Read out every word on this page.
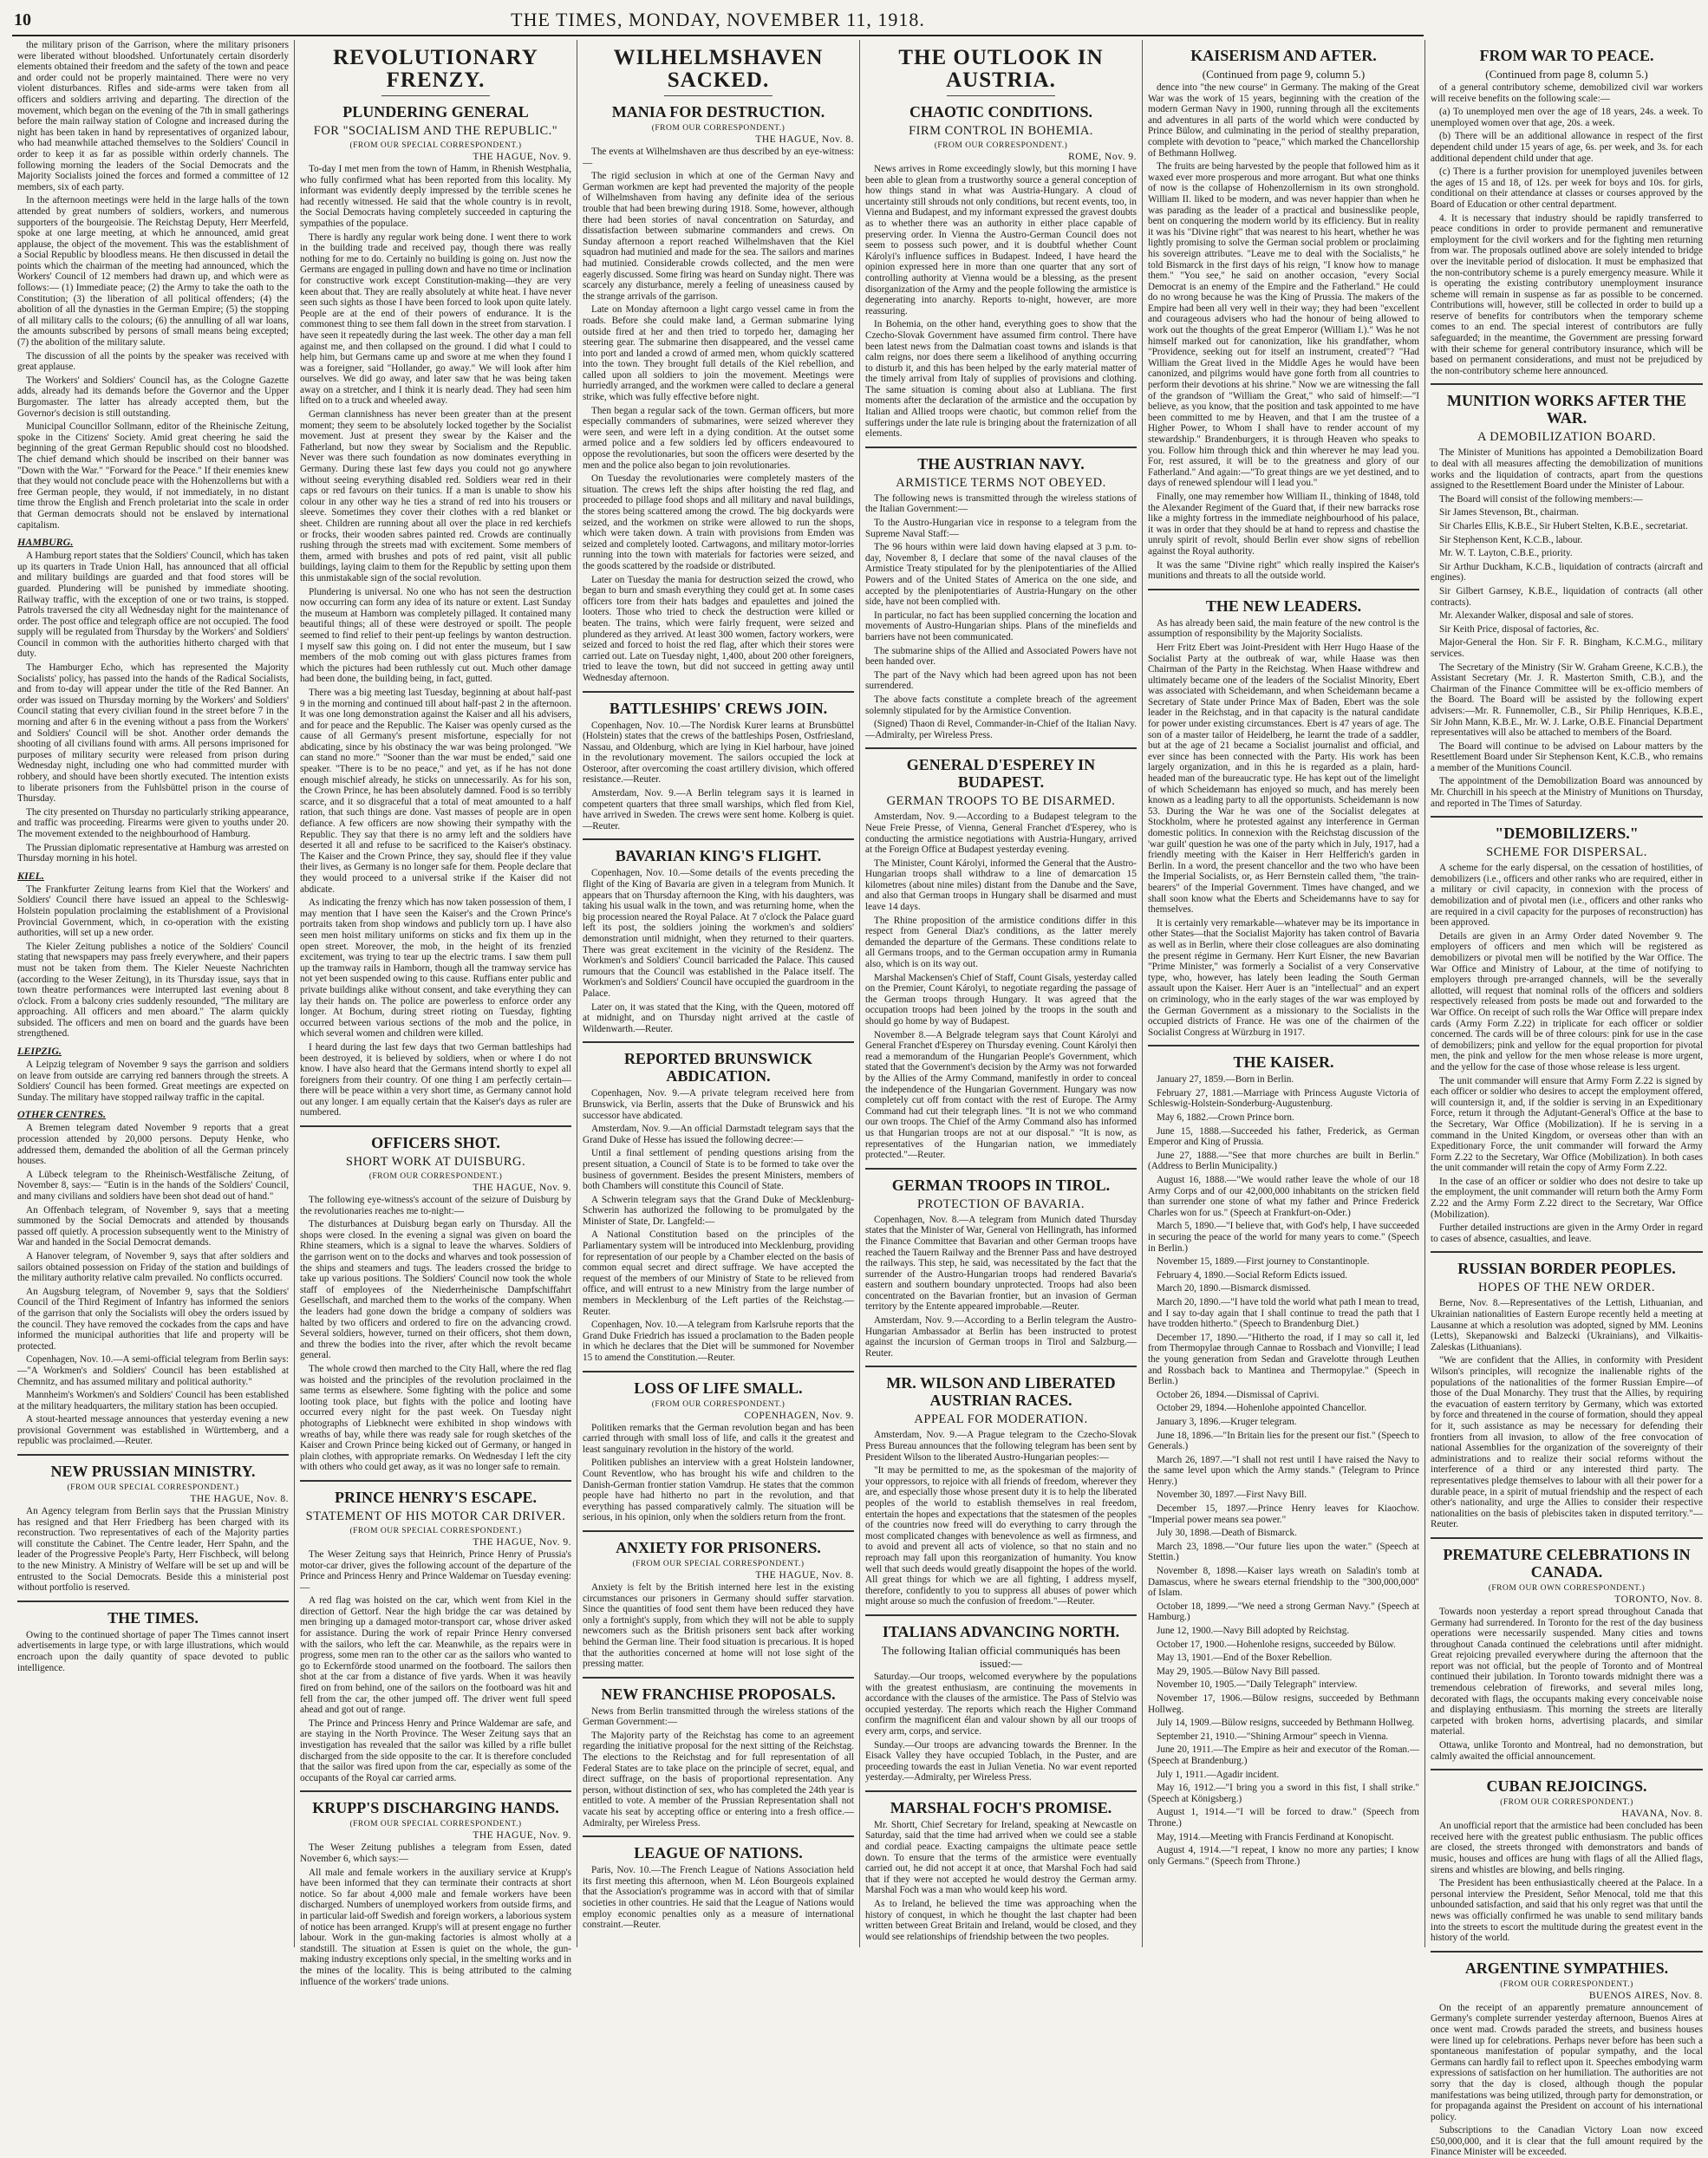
10	THE TIMES, MONDAY, NOVEMBER 11, 1918.

the military prison of the Garrison, where the military prisoners were liberated without bloodshed. Unfortunately certain disorderly elements obtained their freedom and the safety of the town and peace and order could not be properly maintained. There were no very violent disturbances. Rifles and side-arms were taken from all officers and soldiers arriving and departing. The direction of the movement, which began on the evening of the 7th in small gatherings before the main railway station of Cologne and increased during the night has been taken in hand by representatives of organized labour, who had meanwhile attached themselves to the Soldiers' Council in order to keep it as far as possible within orderly channels. The following morning the leaders of the Social Democrats and the Majority Socialists joined the forces and formed a committee of 12 members, six of each party.

In the afternoon meetings were held in the large halls of the town attended by great numbers of soldiers, workers, and numerous supporters of the bourgeoisie. The Reichstag Deputy, Herr Meerfeld, spoke at one large meeting, at which he announced, amid great applause, the object of the movement. This was the establishment of a Social Republic by bloodless means. He then discussed in detail the points which the chairman of the meeting had announced, which the Workers' Council of 12 members had drawn up, and which were as follows:— (1) Immediate peace; (2) the Army to take the oath to the Constitution; (3) the liberation of all political offenders; (4) the abolition of all the dynasties in the German Empire; (5) the stopping of all military calls to the colours; (6) the annulling of all war loans, the amounts subscribed by persons of small means being excepted; (7) the abolition of the military salute.

The discussion of all the points by the speaker was received with great applause.

The Workers' and Soldiers' Council has, as the Cologne Gazette adds, already had its demands before the Governor and the Upper Burgomaster. The latter has already accepted them, but the Governor's decision is still outstanding.

Municipal Councillor Sollmann, editor of the Rheinische Zeitung, spoke in the Citizens' Society. Amid great cheering he said the beginning of the great German Republic should cost no bloodshed. The chief demand which should be inscribed on their banner was "Down with the War." "Forward for the Peace." If their enemies knew that they would not conclude peace with the Hohenzollerns but with a free German people, they would, if not immediately, in no distant time throw the English and French proletariat into the scale in order that German democrats should not be enslaved by international capitalism.

HAMBURG.

A Hamburg report states that the Soldiers' Council, which has taken up its quarters in Trade Union Hall, has announced that all official and military buildings are guarded and that food stores will be guarded. Plundering will be punished by immediate shooting. Railway traffic, with the exception of one or two trains, is stopped. Patrols traversed the city all Wednesday night for the maintenance of order. The post office and telegraph office are not occupied. The food supply will be regulated from Thursday by the Workers' and Soldiers' Council in common with the authorities hitherto charged with that duty.

The Hamburger Echo, which has represented the Majority Socialists' policy, has passed into the hands of the Radical Socialists, and from to-day will appear under the title of the Red Banner. An order was issued on Thursday morning by the Workers' and Soldiers' Council stating that every civilian found in the street before 7 in the morning and after 6 in the evening without a pass from the Workers' and Soldiers' Council will be shot. Another order demands the shooting of all civilians found with arms. All persons imprisoned for purposes of military security were released from prison during Wednesday night, including one who had committed murder with robbery, and should have been shortly executed. The intention exists to liberate prisoners from the Fuhlsbüttel prison in the course of Thursday.

The city presented on Thursday no particularly striking appearance, and traffic was proceeding. Firearms were given to youths under 20. The movement extended to the neighbourhood of Hamburg.

The Prussian diplomatic representative at Hamburg was arrested on Thursday morning in his hotel.

KIEL.

The Frankfurter Zeitung learns from Kiel that the Workers' and Soldiers' Council there have issued an appeal to the Schleswig-Holstein population proclaiming the establishment of a Provisional Provincial Government, which, in co-operation with the existing authorities, will set up a new order.

The Kieler Zeitung publishes a notice of the Soldiers' Council stating that newspapers may pass freely everywhere, and their papers must not be taken from them. The Kieler Neueste Nachrichten (according to the Weser Zeitung), in its Thursday issue, says that in town theatre performances were interrupted last evening about 8 o'clock. From a balcony cries suddenly resounded, "The military are approaching. All officers and men aboard." The alarm quickly subsided. The officers and men on board and the guards have been strengthened.

LEIPZIG.

A Leipzig telegram of November 9 says the garrison and soldiers on leave from outside are carrying red banners through the streets. A Soldiers' Council has been formed. Great meetings are expected on Sunday. The military have stopped railway traffic in the capital.

OTHER CENTRES.

A Bremen telegram dated November 9 reports that a great procession attended by 20,000 persons. Deputy Henke, who addressed them, demanded the abolition of all the German princely houses.

A Lübeck telegram to the Rheinisch-Westfälische Zeitung, of November 8, says:— "Eutin is in the hands of the Soldiers' Council, and many civilians and soldiers have been shot dead out of hand."

An Offenbach telegram, of November 9, says that a meeting summoned by the Social Democrats and attended by thousands passed off quietly. A procession subsequently went to the Ministry of War and handed in the Social Democrat demands.

A Hanover telegram, of November 9, says that after soldiers and sailors obtained possession on Friday of the station and buildings of the military authority relative calm prevailed. No conflicts occurred.

An Augsburg telegram, of November 9, says that the Soldiers' Council of the Third Regiment of Infantry has informed the seniors of the garrison that only the Socialists will obey the orders issued by the council. They have removed the cockades from the caps and have informed the municipal authorities that life and property will be protected.

Copenhagen, Nov. 10.—A semi-official telegram from Berlin says:—"A Workmen's and Soldiers' Council has been established at Chemnitz, and has assumed military and political authority."

Mannheim's Workmen's and Soldiers' Council has been established at the military headquarters, the military station has been occupied.

A stout-hearted message announces that yesterday evening a new provisional Government was established in Württemberg, and a republic was proclaimed.—Reuter.

NEW PRUSSIAN MINISTRY.
(FROM OUR SPECIAL CORRESPONDENT.)
THE HAGUE, Nov. 8.

An Agency telegram from Berlin says that the Prussian Ministry has resigned and that Herr Friedberg has been charged with its reconstruction. Two representatives of each of the Majority parties will constitute the Cabinet. The Centre leader, Herr Spahn, and the leader of the Progressive People's Party, Herr Fischbeck, will belong to the new Ministry. A Ministry of Welfare will be set up and will be entrusted to the Social Democrats. Beside this a ministerial post without portfolio is reserved.

THE TIMES.

Owing to the continued shortage of paper The Times cannot insert advertisements in large type, or with large illustrations, which would encroach upon the daily quantity of space devoted to public intelligence.

REVOLUTIONARY FRENZY.
PLUNDERING GENERAL
FOR "SOCIALISM AND THE REPUBLIC."
(FROM OUR SPECIAL CORRESPONDENT.)
THE HAGUE, Nov. 9.

To-day I met men from the town of Hamm, in Rhenish Westphalia, who fully confirmed what has been reported from this locality. My informant was evidently deeply impressed by the terrible scenes he had recently witnessed. He said that the whole country is in revolt, the Social Democrats having completely succeeded in capturing the sympathies of the populace.

There is hardly any regular work being done. I went there to work in the building trade and received pay, though there was really nothing for me to do. Certainly no building is going on. Just now the Germans are engaged in pulling down and have no time or inclination for constructive work except Constitution-making—they are very keen about that. They are really absolutely at white heat. I have never seen such sights as those I have been forced to look upon quite lately. People are at the end of their powers of endurance. It is the commonest thing to see them fall down in the street from starvation. I have seen it repeatedly during the last week. The other day a man fell against me, and then collapsed on the ground. I did what I could to help him, but Germans came up and swore at me when they found I was a foreigner, said "Hollander, go away." We will look after him ourselves. We did go away, and later saw that he was being taken away on a stretcher, and I think it is nearly dead. They had seen him lifted on to a truck and wheeled away.

German clannishness has never been greater than at the present moment; they seem to be absolutely locked together by the Socialist movement. Just at present they swear by the Kaiser and the Fatherland, but now they swear by Socialism and the Republic. Never was there such foundation as now dominates everything in Germany. During these last few days you could not go anywhere without seeing everything disabled red. Soldiers wear red in their caps or red favours on their tunics. If a man is unable to show his colour in any other way he ties a strand of red into his trousers or sleeve. Sometimes they cover their clothes with a red blanket or sheet. Children are running about all over the place in red kerchiefs or frocks, their wooden sabres painted red. Crowds are continually rushing through the streets mad with excitement. Some members of them, armed with brushes and pots of red paint, visit all public buildings, laying claim to them for the Republic by setting upon them this unmistakable sign of the social revolution.

Plundering is universal. No one who has not seen the destruction now occurring can form any idea of its nature or extent. Last Sunday the museum at Hamborn was completely pillaged. It contained many beautiful things; all of these were destroyed or spoilt. The people seemed to find relief to their pent-up feelings by wanton destruction. I myself saw this going on. I did not enter the museum, but I saw members of the mob coming out with glass pictures frames from which the pictures had been ruthlessly cut out. Much other damage had been done, the building being, in fact, gutted.

There was a big meeting last Tuesday, beginning at about half-past 9 in the morning and continued till about half-past 2 in the afternoon. It was one long demonstration against the Kaiser and all his advisers, and for peace and the Republic. The Kaiser was openly cursed as the cause of all Germany's present misfortune, especially for not abdicating, since by his obstinacy the war was being prolonged. "We can stand no more." "Sooner than the war must be ended," said one speaker. "There is to be no peace," and yet, as if he has not done enough mischief already, he sticks on unnecessarily. As for his son, the Crown Prince, he has been absolutely damned. Food is so terribly scarce, and it so disgraceful that a total of meat amounted to a half ration, that such things are done. Vast masses of people are in open defiance. A few officers are now showing their sympathy with the Republic. They say that there is no army left and the soldiers have deserted it all and refuse to be sacrificed to the Kaiser's obstinacy. The Kaiser and the Crown Prince, they say, should flee if they value their lives, as Germany is no longer safe for them. People declare that they would proceed to a universal strike if the Kaiser did not abdicate.

As indicating the frenzy which has now taken possession of them, I may mention that I have seen the Kaiser's and the Crown Prince's portraits taken from shop windows and publicly torn up. I have also seen men hoist military uniforms on sticks and fix them up in the open street. Moreover, the mob, in the height of its frenzied excitement, was trying to tear up the electric trams. I saw them pull up the tramway rails in Hamborn, though all the tramway service has not yet been suspended owing to this cause. Ruffians enter public and private buildings alike without consent, and take everything they can lay their hands on. The police are powerless to enforce order any longer. At Bochum, during street rioting on Tuesday, fighting occurred between various sections of the mob and the police, in which several women and children were killed.

I heard during the last few days that two German battleships had been destroyed, it is believed by soldiers, when or where I do not know. I have also heard that the Germans intend shortly to expel all foreigners from their country. Of one thing I am perfectly certain—there will be peace within a very short time, as Germany cannot hold out any longer. I am equally certain that the Kaiser's days as ruler are numbered.

OFFICERS SHOT.
SHORT WORK AT DUISBURG.
(FROM OUR CORRESPONDENT.)
THE HAGUE, Nov. 9.

The following eye-witness's account of the seizure of Duisburg by the revolutionaries reaches me to-night:—

The disturbances at Duisburg began early on Thursday. All the shops were closed. In the evening a signal was given on board the Rhine steamers, which is a signal to leave the wharves. Soldiers of the garrison went on to the docks and wharves and took possession of the ships and steamers and tugs. The leaders crossed the bridge to take up various positions. The Soldiers' Council now took the whole staff of employees of the Niederrheinische Dampfschiffahrt Gesellschaft, and marched them to the works of the company. When the leaders had gone down the bridge a company of soldiers was halted by two officers and ordered to fire on the advancing crowd. Several soldiers, however, turned on their officers, shot them down, and threw the bodies into the river, after which the revolt became general.

The whole crowd then marched to the City Hall, where the red flag was hoisted and the principles of the revolution proclaimed in the same terms as elsewhere. Some fighting with the police and some looting took place, but fights with the police and looting have occurred every night for the past week. On Tuesday night photographs of Liebknecht were exhibited in shop windows with wreaths of bay, while there was ready sale for rough sketches of the Kaiser and Crown Prince being kicked out of Germany, or hanged in plain clothes, with appropriate remarks. On Wednesday I left the city with others who could get away, as it was no longer safe to remain.

PRINCE HENRY'S ESCAPE.
STATEMENT OF HIS MOTOR CAR DRIVER.
(FROM OUR SPECIAL CORRESPONDENT.)
THE HAGUE, Nov. 9.

The Weser Zeitung says that Heinrich, Prince Henry of Prussia's motor-car driver, gives the following account of the departure of the Prince and Princess Henry and Prince Waldemar on Tuesday evening:—

A red flag was hoisted on the car, which went from Kiel in the direction of Gettorf. Near the high bridge the car was detained by men bringing up a damaged motor-transport car, whose driver asked for assistance. During the work of repair Prince Henry conversed with the sailors, who left the car. Meanwhile, as the repairs were in progress, some men ran to the other car as the sailors who wanted to go to Eckernförde stood unarmed on the footboard. The sailors then shot at the car from a distance of five yards. When it was heavily fired on from behind, one of the sailors on the footboard was hit and fell from the car, the other jumped off. The driver went full speed ahead and got out of range.

The Prince and Princess Henry and Prince Waldemar are safe, and are staying in the North Province. The Weser Zeitung says that an investigation has revealed that the sailor was killed by a rifle bullet discharged from the side opposite to the car. It is therefore concluded that the sailor was fired upon from the car, especially as some of the occupants of the Royal car carried arms.

KRUPP'S DISCHARGING HANDS.
(FROM OUR SPECIAL CORRESPONDENT.)
THE HAGUE, Nov. 9.

The Weser Zeitung publishes a telegram from Essen, dated November 6, which says:—

All male and female workers in the auxiliary service at Krupp's have been informed that they can terminate their contracts at short notice. So far about 4,000 male and female workers have been discharged. Numbers of unemployed workers from outside firms, and in particular laid-off Swedish and foreign workers, a laborious system of notice has been arranged. Krupp's will at present engage no further labour. Work in the gun-making factories is almost wholly at a standstill. The situation at Essen is quiet on the whole, the gun-making industry exceptions only special, in the smelting works and in the mines of the locality. This is being attributed to the calming influence of the workers' trade unions.

WILHELMSHAVEN SACKED.
MANIA FOR DESTRUCTION.
(FROM OUR CORRESPONDENT.)
THE HAGUE, Nov. 8.

The events at Wilhelmshaven are thus described by an eye-witness:—

The rigid seclusion in which at one of the German Navy and German workmen are kept had prevented the majority of the people of Wilhelmshaven from having any definite idea of the serious trouble that had been brewing during 1918. Some, however, although there had been stories of naval concentration on Saturday, and dissatisfaction between submarine commanders and crews. On Sunday afternoon a report reached Wilhelmshaven that the Kiel squadron had mutinied and made for the sea. The sailors and marines had mutinied. Considerable crowds collected, and the men were eagerly discussed. Some firing was heard on Sunday night. There was scarcely any disturbance, merely a feeling of uneasiness caused by the strange arrivals of the garrison.

Late on Monday afternoon a light cargo vessel came in from the roads. Before she could make land, a German submarine lying outside fired at her and then tried to torpedo her, damaging her steering gear. The submarine then disappeared, and the vessel came into port and landed a crowd of armed men, whom quickly scattered into the town. They brought full details of the Kiel rebellion, and called upon all soldiers to join the movement. Meetings were hurriedly arranged, and the workmen were called to declare a general strike, which was fully effective before night.

Then began a regular sack of the town. German officers, but more especially commanders of submarines, were seized wherever they were seen, and were left in a dying condition. At the outset some armed police and a few soldiers led by officers endeavoured to oppose the revolutionaries, but soon the officers were deserted by the men and the police also began to join revolutionaries.

On Tuesday the revolutionaries were completely masters of the situation. The crews left the ships after hoisting the red flag, and proceeded to pillage food shops and all military and naval buildings, the stores being scattered among the crowd. The big dockyards were seized, and the workmen on strike were allowed to run the shops, which were taken down. A train with provisions from Emden was seized and completely looted. Cartwagons, and military motor-lorries running into the town with materials for factories were seized, and the goods scattered by the roadside or distributed.

Later on Tuesday the mania for destruction seized the crowd, who began to burn and smash everything they could get at. In some cases officers tore from their hats badges and epaulettes and joined the looters. Those who tried to check the destruction were killed or beaten. The trains, which were fairly frequent, were seized and plundered as they arrived. At least 300 women, factory workers, were seized and forced to hoist the red flag, after which their stores were carried out. Late on Tuesday night, 1,400, about 200 other foreigners, tried to leave the town, but did not succeed in getting away until Wednesday afternoon.

BATTLESHIPS' CREWS JOIN.

Copenhagen, Nov. 10.—The Nordisk Kurer learns at Brunsbüttel (Holstein) states that the crews of the battleships Posen, Ostfriesland, Nassau, and Oldenburg, which are lying in Kiel harbour, have joined in the revolutionary movement. The sailors occupied the lock at Osteroor, after overcoming the coast artillery division, which offered resistance.—Reuter.

Amsterdam, Nov. 9.—A Berlin telegram says it is learned in competent quarters that three small warships, which fled from Kiel, have arrived in Sweden. The crews were sent home. Kolberg is quiet.—Reuter.

BAVARIAN KING'S FLIGHT.

Copenhagen, Nov. 10.—Some details of the events preceding the flight of the King of Bavaria are given in a telegram from Munich. It appears that on Thursday afternoon the King, with his daughters, was taking his usual walk in the town, and was returning home, when the big procession neared the Royal Palace. At 7 o'clock the Palace guard left its post, the soldiers joining the workmen's and soldiers' demonstration until midnight, when they returned to their quarters. There was great excitement in the vicinity of the Residenz. The Workmen's and Soldiers' Council barricaded the Palace. This caused rumours that the Council was established in the Palace itself. The Workmen's and Soldiers' Council have occupied the guardroom in the Palace.

Later on, it was stated that the King, with the Queen, motored off at midnight, and on Thursday night arrived at the castle of Wildenwarth.—Reuter.

REPORTED BRUNSWICK ABDICATION.

Copenhagen, Nov. 9.—A private telegram received here from Brunswick, via Berlin, asserts that the Duke of Brunswick and his successor have abdicated.

Amsterdam, Nov. 9.—An official Darmstadt telegram says that the Grand Duke of Hesse has issued the following decree:—

Until a final settlement of pending questions arising from the present situation, a Council of State is to be formed to take over the business of government. Besides the present Ministers, members of both Chambers will constitute this Council of State.

A Schwerin telegram says that the Grand Duke of Mecklenburg-Schwerin has authorized the following to be promulgated by the Minister of State, Dr. Langfeld:—

A National Constitution based on the principles of the Parliamentary system will be introduced into Mecklenburg, providing for representation of our people by a Chamber elected on the basis of common equal secret and direct suffrage. We have accepted the request of the members of our Ministry of State to be relieved from office, and will entrust to a new Ministry from the large number of members in Mecklenburg of the Left parties of the Reichstag.—Reuter.

Copenhagen, Nov. 10.—A telegram from Karlsruhe reports that the Grand Duke Friedrich has issued a proclamation to the Baden people in which he declares that the Diet will be summoned for November 15 to amend the Constitution.—Reuter.

LOSS OF LIFE SMALL.
(FROM OUR CORRESPONDENT.)
COPENHAGEN, Nov. 9.

Politiken remarks that the German revolution began and has been carried through with small loss of life, and calls it the greatest and least sanguinary revolution in the history of the world.

Politiken publishes an interview with a great Holstein landowner, Count Reventlow, who has brought his wife and children to the Danish-German frontier station Vamdrup. He states that the common people have had hitherto no part in the revolution, and that everything has passed comparatively calmly. The situation will be serious, in his opinion, only when the soldiers return from the front.

ANXIETY FOR PRISONERS.
(FROM OUR SPECIAL CORRESPONDENT.)
THE HAGUE, Nov. 8.

Anxiety is felt by the British interned here lest in the existing circumstances our prisoners in Germany should suffer starvation. Since the quantities of food sent them have been reduced they have only a fortnight's supply, from which they will not be able to supply newcomers such as the British prisoners sent back after working behind the German line. Their food situation is precarious. It is hoped that the authorities concerned at home will not lose sight of the pressing matter.

NEW FRANCHISE PROPOSALS.

News from Berlin transmitted through the wireless stations of the German Government:—

The Majority party of the Reichstag has come to an agreement regarding the initiative proposal for the next sitting of the Reichstag. The elections to the Reichstag and for full representation of all Federal States are to take place on the principle of secret, equal, and direct suffrage, on the basis of proportional representation. Any person, without distinction of sex, who has completed the 24th year is entitled to vote. A member of the Prussian Representation shall not vacate his seat by accepting office or entering into a fresh office.—Admiralty, per Wireless Press.

LEAGUE OF NATIONS.

Paris, Nov. 10.—The French League of Nations Association held its first meeting this afternoon, when M. Léon Bourgeois explained that the Association's programme was in accord with that of similar societies in other countries. He said that the League of Nations would employ economic penalties only as a measure of international constraint.—Reuter.

THE OUTLOOK IN AUSTRIA.
CHAOTIC CONDITIONS.
FIRM CONTROL IN BOHEMIA.
(FROM OUR CORRESPONDENT.)
ROME, Nov. 9.

News arrives in Rome exceedingly slowly, but this morning I have been able to glean from a trustworthy source a general conception of how things stand in what was Austria-Hungary. A cloud of uncertainty still shrouds not only conditions, but recent events, too, in Vienna and Budapest, and my informant expressed the gravest doubts as to whether there was an authority in either place capable of preserving order. In Vienna the Austro-German Council does not seem to possess such power, and it is doubtful whether Count Károlyi's influence suffices in Budapest. Indeed, I have heard the opinion expressed here in more than one quarter that any sort of controlling authority at Vienna would be a blessing, as the present disorganization of the Army and the people following the armistice is degenerating into anarchy. Reports to-night, however, are more reassuring.

In Bohemia, on the other hand, everything goes to show that the Czecho-Slovak Government have assumed firm control. There have been latest news from the Dalmatian coast towns and islands is that calm reigns, nor does there seem a likelihood of anything occurring to disturb it, and this has been helped by the early material matter of the timely arrival from Italy of supplies of provisions and clothing. The same situation is coming about also at Lubliana. The first moments after the declaration of the armistice and the occupation by Italian and Allied troops were chaotic, but common relief from the sufferings under the late rule is bringing about the fraternization of all elements.

THE AUSTRIAN NAVY.
ARMISTICE TERMS NOT OBEYED.

The following news is transmitted through the wireless stations of the Italian Government:—

To the Austro-Hungarian vice in response to a telegram from the Supreme Naval Staff:—

The 96 hours within were laid down having elapsed at 3 p.m. to-day, November 8, I declare that some of the naval clauses of the Armistice Treaty stipulated for by the plenipotentiaries of the Allied Powers and of the United States of America on the one side, and accepted by the plenipotentiaries of Austria-Hungary on the other side, have not been complied with.

In particular, no fact has been supplied concerning the location and movements of Austro-Hungarian ships. Plans of the minefields and barriers have not been communicated.

The submarine ships of the Allied and Associated Powers have not been handed over.

The part of the Navy which had been agreed upon has not been surrendered.

The above facts constitute a complete breach of the agreement solemnly stipulated for by the Armistice Convention.

(Signed) Thaon di Revel, Commander-in-Chief of the Italian Navy.—Admiralty, per Wireless Press.

GENERAL D'ESPEREY IN BUDAPEST.
GERMAN TROOPS TO BE DISARMED.

Amsterdam, Nov. 9.—According to a Budapest telegram to the Neue Freie Presse, of Vienna, General Franchet d'Esperey, who is conducting the armistice negotiations with Austria-Hungary, arrived at the Foreign Office at Budapest yesterday evening.

The Minister, Count Károlyi, informed the General that the Austro-Hungarian troops shall withdraw to a line of demarcation 15 kilometres (about nine miles) distant from the Danube and the Save, and also that German troops in Hungary shall be disarmed and must leave 14 days.

The Rhine proposition of the armistice conditions differ in this respect from General Diaz's conditions, as the latter merely demanded the departure of the Germans. These conditions relate to all Germans troops, and to the German occupation army in Rumania also, which is on its way out.

Marshal Mackensen's Chief of Staff, Count Gisals, yesterday called on the Premier, Count Károlyi, to negotiate regarding the passage of the German troops through Hungary. It was agreed that the occupation troops had been joined by the troops in the south and should go home by way of Budapest.

November 8.—A Belgrade telegram says that Count Károlyi and General Franchet d'Esperey on Thursday evening. Count Károlyi then read a memorandum of the Hungarian People's Government, which stated that the Government's decision by the Army was not forwarded by the Allies of the Army Command, manifestly in order to conceal the independence of the Hungarian Government. Hungary was now completely cut off from contact with the rest of Europe. The Army Command had cut their telegraph lines. "It is not we who command our own troops. The Chief of the Army Command also has informed us that Hungarian troops are not at our disposal." "It is now, as representatives of the Hungarian nation, we immediately protected."—Reuter.

GERMAN TROOPS IN TIROL.
PROTECTION OF BAVARIA.

Copenhagen, Nov. 8.—A telegram from Munich dated Thursday states that the Minister of War, General von Hellingrath, has informed the Finance Committee that Bavarian and other German troops have reached the Tauern Railway and the Brenner Pass and have destroyed the railways. This step, he said, was necessitated by the fact that the surrender of the Austro-Hungarian troops had rendered Bavaria's eastern and southern boundary unprotected. Troops had also been concentrated on the Bavarian frontier, but an invasion of German territory by the Entente appeared improbable.—Reuter.

Amsterdam, Nov. 9.—According to a Berlin telegram the Austro-Hungarian Ambassador at Berlin has been instructed to protest against the incursion of German troops in Tirol and Salzburg.—Reuter.

MR. WILSON AND LIBERATED AUSTRIAN RACES.
APPEAL FOR MODERATION.

Amsterdam, Nov. 9.—A Prague telegram to the Czecho-Slovak Press Bureau announces that the following telegram has been sent by President Wilson to the liberated Austro-Hungarian peoples:—

"It may be permitted to me, as the spokesman of the majority of your oppressors, to rejoice with all friends of freedom, wherever they are, and especially those whose present duty it is to help the liberated peoples of the world to establish themselves in real freedom, entertain the hopes and expectations that the statesmen of the peoples of the countries now freed will do everything to carry through the most complicated changes with benevolence as well as firmness, and to avoid and prevent all acts of violence, so that no stain and no reproach may fall upon this reorganization of humanity. You know well that such deeds would greatly disappoint the hopes of the world. All great things for which we are all fighting, I address myself, therefore, confidently to you to suppress all abuses of power which might arouse so much the confusion of freedom."—Reuter.

ITALIANS ADVANCING NORTH.
The following Italian official communiqués has been issued:—

Saturday.—Our troops, welcomed everywhere by the populations with the greatest enthusiasm, are continuing the movements in accordance with the clauses of the armistice. The Pass of Stelvio was occupied yesterday. The reports which reach the Higher Command confirm the magnificent élan and valour shown by all our troops of every arm, corps, and service.

Sunday.—Our troops are advancing towards the Brenner. In the Eisack Valley they have occupied Toblach, in the Puster, and are proceeding towards the east in Julian Venetia. No war event reported yesterday.—Admiralty, per Wireless Press.

MARSHAL FOCH'S PROMISE.

Mr. Shortt, Chief Secretary for Ireland, speaking at Newcastle on Saturday, said that the time had arrived when we could see a stable and cordial peace. Exacting campaigns the ultimate peace settle down. To ensure that the terms of the armistice were eventually carried out, he did not accept it at once, that Marshal Foch had said that if they were not accepted he would destroy the German army. Marshal Foch was a man who would keep his word.

As to Ireland, he believed the time was approaching when the history of conquest, in which he thought the last chapter had been written between Great Britain and Ireland, would be closed, and they would see relationships of friendship between the two peoples.

KAISERISM AND AFTER.
(Continued from page 9, column 5.)

dence into "the new course" in Germany. The making of the Great War was the work of 15 years, beginning with the creation of the modern German Navy in 1900, running through all the excitements and adventures in all parts of the world which were conducted by Prince Bülow, and culminating in the period of stealthy preparation, complete with devotion to "peace," which marked the Chancellorship of Bethmann Hollweg.

The fruits are being harvested by the people that followed him as it waxed ever more prosperous and more arrogant. But what one thinks of now is the collapse of Hohenzollernism in its own stronghold. William II. liked to be modern, and was never happier than when he was parading as the leader of a practical and businesslike people, bent on conquering the modern world by its efficiency. But in reality it was his "Divine right" that was nearest to his heart, whether he was lightly promising to solve the German social problem or proclaiming his sovereign attributes. "Leave me to deal with the Socialists," he told Bismarck in the first days of his reign, "I know how to manage them." "You see," he said on another occasion, "every Social Democrat is an enemy of the Empire and the Fatherland." He could do no wrong because he was the King of Prussia. The makers of the Empire had been all very well in their way; they had been "excellent and courageous advisers who had the honour of being allowed to work out the thoughts of the great Emperor (William I.)." Was he not himself marked out for canonization, like his grandfather, whom "Providence, seeking out for itself an instrument, created"? "Had William the Great lived in the Middle Ages he would have been canonized, and pilgrims would have gone forth from all countries to perform their devotions at his shrine." Now we are witnessing the fall of the grandson of "William the Great," who said of himself:—"I believe, as you know, that the position and task appointed to me have been committed to me by Heaven, and that I am the trustee of a Higher Power, to Whom I shall have to render account of my stewardship." Brandenburgers, it is through Heaven who speaks to you. Follow him through thick and thin wherever he may lead you. For, rest assured, it will be to the greatness and glory of our Fatherland." And again:—"To great things are we yet destined, and to days of renewed splendour will I lead you."

Finally, one may remember how William II., thinking of 1848, told the Alexander Regiment of the Guard that, if their new barracks rose like a mighty fortress in the immediate neighbourhood of his palace, it was in order that they should be at hand to repress and chastise the unruly spirit of revolt, should Berlin ever show signs of rebellion against the Royal authority.

It was the same "Divine right" which really inspired the Kaiser's munitions and threats to all the outside world.

THE NEW LEADERS.

As has already been said, the main feature of the new control is the assumption of responsibility by the Majority Socialists.

Herr Fritz Ebert was Joint-President with Herr Hugo Haase of the Socialist Party at the outbreak of war, while Haase was then Chairman of the Party in the Reichstag. When Haase withdrew and ultimately became one of the leaders of the Socialist Minority, Ebert was associated with Scheidemann, and when Scheidemann became a Secretary of State under Prince Max of Baden, Ebert was the sole leader in the Reichstag, and in that capacity is the natural candidate for power under existing circumstances. Ebert is 47 years of age. The son of a master tailor of Heidelberg, he learnt the trade of a saddler, but at the age of 21 became a Socialist journalist and official, and ever since has been connected with the Party. His work has been largely organization, and in this he is regarded as a plain, hard-headed man of the bureaucratic type. He has kept out of the limelight of which Scheidemann has enjoyed so much, and has merely been known as a leading party to all the opportunists. Scheidemann is now 53. During the War he was one of the Socialist delegates at Stockholm, where he protested against any interference in German domestic politics. In connexion with the Reichstag discussion of the 'war guilt' question he was one of the party which in July, 1917, had a friendly meeting with the Kaiser in Herr Helfferich's garden in Berlin. In a word, the present chancellor and the two who have been the Imperial Socialists, or, as Herr Bernstein called them, "the train-bearers" of the Imperial Government. Times have changed, and we shall soon know what the Eberts and Scheidemanns have to say for themselves.

It is certainly very remarkable—whatever may be its importance in other States—that the Socialist Majority has taken control of Bavaria as well as in Berlin, where their close colleagues are also dominating the present régime in Germany. Herr Kurt Eisner, the new Bavarian "Prime Minister," was formerly a Socialist of a very Conservative type, who, however, has lately been leading the South German assault upon the Kaiser. Herr Auer is an "intellectual" and an expert on criminology, who in the early stages of the war was employed by the German Government as a missionary to the Socialists in the occupied districts of France. He was one of the chairmen of the Socialist Congress at Würzburg in 1917.

THE KAISER.

January 27, 1859.—Born in Berlin.

February 27, 1881.—Marriage with Princess Auguste Victoria of Schleswig-Holstein-Sonderburg-Augustenburg.

May 6, 1882.—Crown Prince born.

June 15, 1888.—Succeeded his father, Frederick, as German Emperor and King of Prussia.

June 27, 1888.—"See that more churches are built in Berlin." (Address to Berlin Municipality.)

August 16, 1888.—"We would rather leave the whole of our 18 Army Corps and of our 42,000,000 inhabitants on the stricken field than surrender one stone of what my father and Prince Frederick Charles won for us." (Speech at Frankfurt-on-Oder.)

March 5, 1890.—"I believe that, with God's help, I have succeeded in securing the peace of the world for many years to come." (Speech in Berlin.)

November 15, 1889.—First journey to Constantinople.

February 4, 1890.—Social Reform Edicts issued.

March 20, 1890.—Bismarck dismissed.

March 20, 1890.—"I have told the world what path I mean to tread, and I say to-day again that I shall continue to tread the path that I have trodden hitherto." (Speech to Brandenburg Diet.)

December 17, 1890.—"Hitherto the road, if I may so call it, led from Thermopylae through Cannae to Rossbach and Vionville; I lead the young generation from Sedan and Gravelotte through Leuthen and Rossbach back to Mantinea and Thermopylae." (Speech in Berlin.)

October 26, 1894.—Dismissal of Caprivi.

October 29, 1894.—Hohenlohe appointed Chancellor.

January 3, 1896.—Kruger telegram.

June 18, 1896.—"In Britain lies for the present our fist." (Speech to Generals.)

March 26, 1897.—"I shall not rest until I have raised the Navy to the same level upon which the Army stands." (Telegram to Prince Henry.)

November 30, 1897.—First Navy Bill.

December 15, 1897.—Prince Henry leaves for Kiaochow. "Imperial power means sea power."

July 30, 1898.—Death of Bismarck.

March 23, 1898.—"Our future lies upon the water." (Speech at Stettin.)

November 8, 1898.—Kaiser lays wreath on Saladin's tomb at Damascus, where he swears eternal friendship to the "300,000,000" of Islam.

October 18, 1899.—"We need a strong German Navy." (Speech at Hamburg.)

June 12, 1900.—Navy Bill adopted by Reichstag.

October 17, 1900.—Hohenlohe resigns, succeeded by Bülow.

May 13, 1901.—End of the Boxer Rebellion.

May 29, 1905.—Bülow Navy Bill passed.

November 10, 1905.—"Daily Telegraph" interview.

November 17, 1906.—Bülow resigns, succeeded by Bethmann Hollweg.

July 14, 1909.—Bülow resigns, succeeded by Bethmann Hollweg.

September 21, 1910.—"Shining Armour" speech in Vienna.

June 20, 1911.—The Empire as heir and executor of the Roman.—(Speech at Brandenburg.)

July 1, 1911.—Agadir incident.

May 16, 1912.—"I bring you a sword in this fist, I shall strike." (Speech at Königsberg.)

August 1, 1914.—"I will be forced to draw." (Speech from Throne.)

May, 1914.—Meeting with Francis Ferdinand at Konopischt.

August 4, 1914.—"I repeat, I know no more any parties; I know only Germans." (Speech from Throne.)

FROM WAR TO PEACE.
(Continued from page 8, column 5.)

of a general contributory scheme, demobilized civil war workers will receive benefits on the following scale:—

(a) To unemployed men over the age of 18 years, 24s. a week. To unemployed women over that age, 20s. a week.

(b) There will be an additional allowance in respect of the first dependent child under 15 years of age, 6s. per week, and 3s. for each additional dependent child under that age.

(c) There is a further provision for unemployed juveniles between the ages of 15 and 18, of 12s. per week for boys and 10s. for girls, conditional on their attendance at classes or courses approved by the Board of Education or other central department.

4. It is necessary that industry should be rapidly transferred to peace conditions in order to provide permanent and remunerative employment for the civil workers and for the fighting men returning from war. The proposals outlined above are solely intended to bridge over the inevitable period of dislocation. It must be emphasized that the non-contributory scheme is a purely emergency measure. While it is operating the existing contributory unemployment insurance scheme will remain in suspense as far as possible to be concerned. Contributions will, however, still be collected in order to build up a reserve of benefits for contributors when the temporary scheme comes to an end. The special interest of contributors are fully safeguarded; in the meantime, the Government are pressing forward with their scheme for general contributory insurance, which will be based on permanent considerations, and must not be prejudiced by the non-contributory scheme here announced.

MUNITION WORKS AFTER THE WAR.
A DEMOBILIZATION BOARD.

The Minister of Munitions has appointed a Demobilization Board to deal with all measures affecting the demobilization of munitions works and the liquidation of contracts, apart from the questions assigned to the Resettlement Board under the Minister of Labour.

The Board will consist of the following members:—

Sir James Stevenson, Bt., chairman.

Sir Charles Ellis, K.B.E., Sir Hubert Stelten, K.B.E., secretariat.

Sir Stephenson Kent, K.C.B., labour.

Mr. W. T. Layton, C.B.E., priority.

Sir Arthur Duckham, K.C.B., liquidation of contracts (aircraft and engines).

Sir Gilbert Garnsey, K.B.E., liquidation of contracts (all other contracts).

Mr. Alexander Walker, disposal and sale of stores.

Sir Keith Price, disposal of factories, &c.

Major-General the Hon. Sir F. R. Bingham, K.C.M.G., military services.

The Secretary of the Ministry (Sir W. Graham Greene, K.C.B.), the Assistant Secretary (Mr. J. R. Masterton Smith, C.B.), and the Chairman of the Finance Committee will be ex-officio members of the Board. The Board will be assisted by the following expert advisers:—Mr. R. Funnemoller, C.B., Sir Philip Henriques, K.B.E., Sir John Mann, K.B.E., Mr. W. J. Larke, O.B.E. Financial Department representatives will also be attached to members of the Board.

The Board will continue to be advised on Labour matters by the Resettlement Board under Sir Stephenson Kent, K.C.B., who remains a member of the Munitions Council.

The appointment of the Demobilization Board was announced by Mr. Churchill in his speech at the Ministry of Munitions on Thursday, and reported in The Times of Saturday.

"DEMOBILIZERS."
SCHEME FOR DISPERSAL.

A scheme for the early dispersal, on the cessation of hostilities, of demobilizers (i.e., officers and other ranks who are required, either in a military or civil capacity, in connexion with the process of demobilization and of pivotal men (i.e., officers and other ranks who are required in a civil capacity for the purposes of reconstruction) has been approved.

Details are given in an Army Order dated November 9. The employers of officers and men which will be registered as demobilizers or pivotal men will be notified by the War Office. The War Office and Ministry of Labour, at the time of notifying to employers through pre-arranged channels, will be the severally allotted, will request that nominal rolls of the officers and soldiers respectively released from posts be made out and forwarded to the War Office. On receipt of such rolls the War Office will prepare index cards (Army Form Z.22) in triplicate for each officer or soldier concerned. The cards will be of three colours: pink for use in the case of demobilizers; pink and yellow for the equal proportion for pivotal men, the pink and yellow for the men whose release is more urgent, and the yellow for the case of those whose release is less urgent.

The unit commander will ensure that Army Form Z.22 is signed by each officer or soldier who desires to accept the employment offered, will countersign it, and, if the soldier is serving in an Expeditionary Force, return it through the Adjutant-General's Office at the base to the Secretary, War Office (Mobilization). If he is serving in a command in the United Kingdom, or overseas other than with an Expeditionary Force, the unit commander will forward the Army Form Z.22 to the Secretary, War Office (Mobilization). In both cases the unit commander will retain the copy of Army Form Z.22.

In the case of an officer or soldier who does not desire to take up the employment, the unit commander will return both the Army Form Z.22 and the Army Form Z.22 direct to the Secretary, War Office (Mobilization).

Further detailed instructions are given in the Army Order in regard to cases of absence, casualties, and leave.

RUSSIAN BORDER PEOPLES.
HOPES OF THE NEW ORDER.

Berne, Nov. 8.—Representatives of the Lettish, Lithuanian, and Ukrainian nationalities of Eastern Europe recently held a meeting at Lausanne at which a resolution was adopted, signed by MM. Leonins (Letts), Skepanowski and Balzecki (Ukrainians), and Vilkaitis-Zaleskas (Lithuanians).

"We are confident that the Allies, in conformity with President Wilson's principles, will recognize the inalienable rights of the populations of the nationalities of the former Russian Empire—of those of the Dual Monarchy. They trust that the Allies, by requiring the evacuation of eastern territory by Germany, which was extorted by force and threatened in the course of formation, should they appeal for it, such assistance as may be necessary for defending their frontiers from all invasion, to allow of the free convocation of national Assemblies for the organization of the sovereignty of their administrations and to realize their social reforms without the interference of a third or any interested third party. The representatives pledge themselves to labour with all their power for a durable peace, in a spirit of mutual friendship and the respect of each other's nationality, and urge the Allies to consider their respective nationalities on the basis of plebiscites taken in disputed territory."—Reuter.

PREMATURE CELEBRATIONS IN CANADA.
(FROM OUR OWN CORRESPONDENT.)
TORONTO, Nov. 8.

Towards noon yesterday a report spread throughout Canada that Germany had surrendered. In Toronto for the rest of the day business operations were necessarily suspended. Many cities and towns throughout Canada continued the celebrations until after midnight. Great rejoicing prevailed everywhere during the afternoon that the report was not official, but the people of Toronto and of Montreal continued their jubilation. In Toronto towards midnight there was a tremendous celebration of fireworks, and several miles long, decorated with flags, the occupants making every conceivable noise and displaying enthusiasm. This morning the streets are literally carpeted with broken horns, advertising placards, and similar material.

Ottawa, unlike Toronto and Montreal, had no demonstration, but calmly awaited the official announcement.

CUBAN REJOICINGS.
(FROM OUR CORRESPONDENT.)
HAVANA, Nov. 8.

An unofficial report that the armistice had been concluded has been received here with the greatest public enthusiasm. The public offices are closed, the streets thronged with demonstrators and bands of music, houses and offices are hung with flags of all the Allied flags, sirens and whistles are blowing, and bells ringing.

The President has been enthusiastically cheered at the Palace. In a personal interview the President, Señor Menocal, told me that this unbounded satisfaction, and said that his only regret was that until the news was officially confirmed he was unable to send military bands into the streets to escort the multitude during the greatest event in the history of the world.

ARGENTINE SYMPATHIES.
(FROM OUR CORRESPONDENT.)
BUENOS AIRES, Nov. 8.

On the receipt of an apparently premature announcement of Germany's complete surrender yesterday afternoon, Buenos Aires at once went mad. Crowds paraded the streets, and business houses were lined up for celebrations. Perhaps never before has been such a spontaneous manifestation of popular sympathy, and the local Germans can hardly fail to reflect upon it. Speeches embodying warm expressions of satisfaction on her humiliation. The authorities are not sorry that the day is closed, although though the popular manifestations was being utilized, through party for demonstration, or for propaganda against the President on account of his international policy.

Subscriptions to the Canadian Victory Loan now exceed £50,000,000, and it is clear that the full amount required by the Finance Minister will be exceeded.
